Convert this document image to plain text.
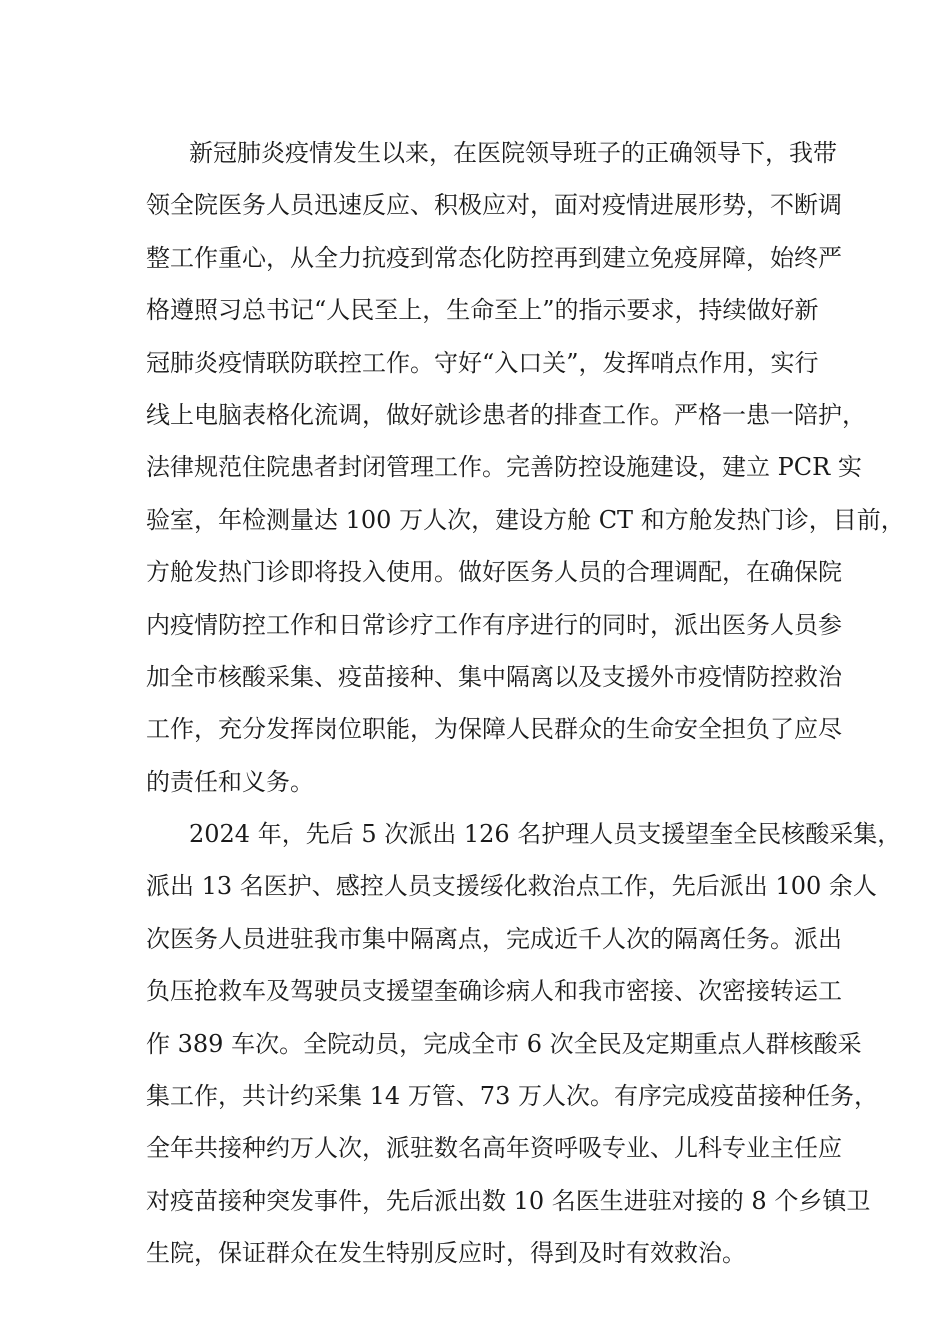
新冠肺炎疫情发生以来，在医院领导班子的正确领导下，我带
领全院医务人员迅速反应、积极应对，面对疫情进展形势，不断调
整工作重心，从全力抗疫到常态化防控再到建立免疫屏障，始终严
格遵照习总书记“人民至上，生命至上”的指示要求，持续做好新
冠肺炎疫情联防联控工作。守好“入口关”，发挥哨点作用，实行
线上电脑表格化流调，做好就诊患者的排查工作。严格一患一陪护，
法律规范住院患者封闭管理工作。完善防控设施建设，建立 PCR 实
验室，年检测量达 100 万人次，建设方舱 CT 和方舱发热门诊，目前，
方舱发热门诊即将投入使用。做好医务人员的合理调配，在确保院
内疫情防控工作和日常诊疗工作有序进行的同时，派出医务人员参
加全市核酸采集、疫苗接种、集中隔离以及支援外市疫情防控救治
工作，充分发挥岗位职能，为保障人民群众的生命安全担负了应尽
的责任和义务。
2024 年，先后 5 次派出 126 名护理人员支援望奎全民核酸采集，
派出 13 名医护、感控人员支援绥化救治点工作，先后派出 100 余人
次医务人员进驻我市集中隔离点，完成近千人次的隔离任务。派出
负压抢救车及驾驶员支援望奎确诊病人和我市密接、次密接转运工
作 389 车次。全院动员，完成全市 6 次全民及定期重点人群核酸采
集工作，共计约采集 14 万管、73 万人次。有序完成疫苗接种任务，
全年共接种约万人次，派驻数名高年资呼吸专业、儿科专业主任应
对疫苗接种突发事件，先后派出数 10 名医生进驻对接的 8 个乡镇卫
生院，保证群众在发生特别反应时，得到及时有效救治。
